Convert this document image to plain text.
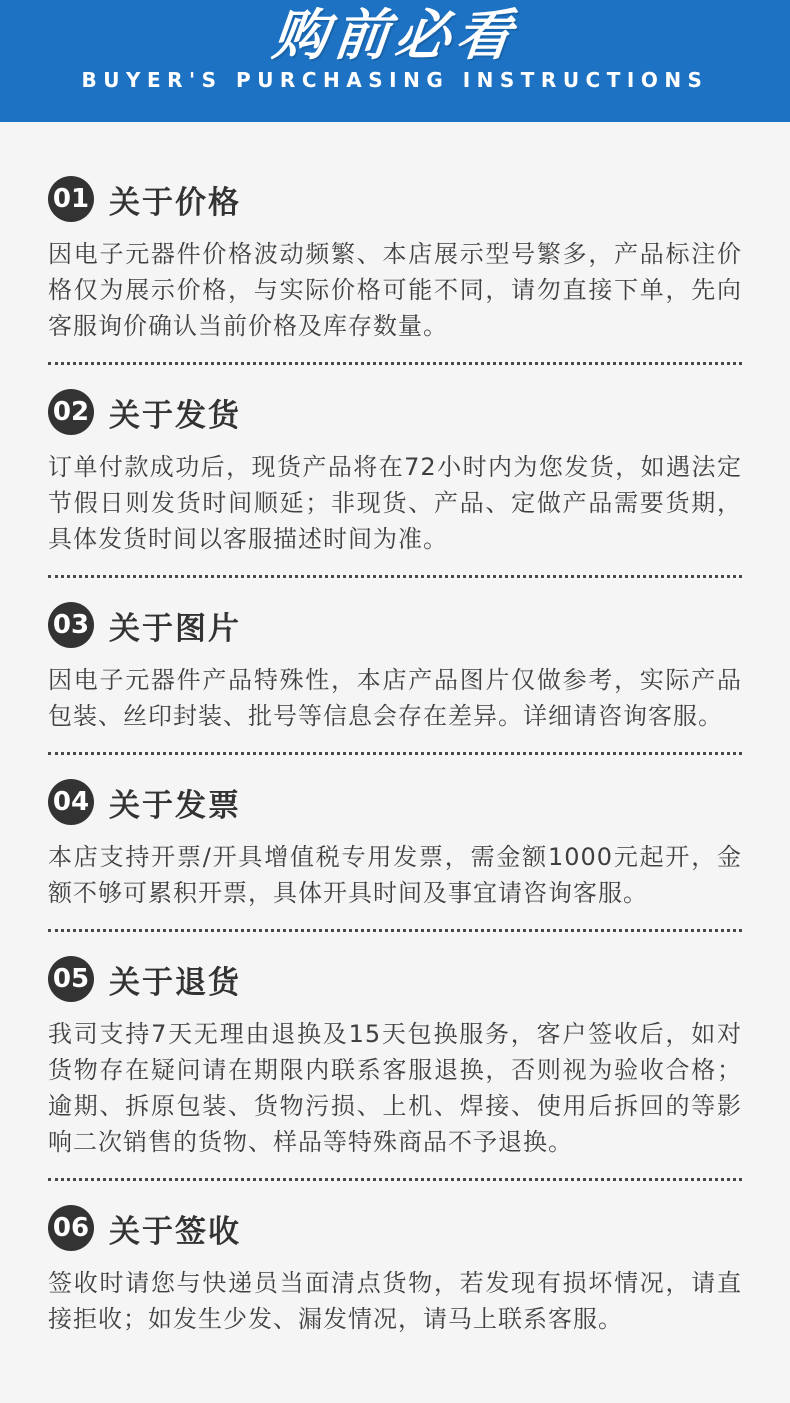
购前必看
BUYER'S PURCHASING INSTRUCTIONS
01 关于价格

因电子元器件价格波动频繁、本店展示型号繁多，产品标注价格仅为展示价格，与实际价格可能不同，请勿直接下单，先向客服询价确认当前价格及库存数量。

02 关于发货

订单付款成功后，现货产品将在72小时内为您发货，如遇法定节假日则发货时间顺延；非现货、产品、定做产品需要货期，具体发货时间以客服描述时间为准。

03 关于图片

因电子元器件产品特殊性，本店产品图片仅做参考，实际产品包装、丝印封装、批号等信息会存在差异。详细请咨询客服。

04 关于发票

本店支持开票/开具增值税专用发票，需金额1000元起开，金额不够可累积开票，具体开具时间及事宜请咨询客服。

05 关于退货

我司支持7天无理由退换及15天包换服务，客户签收后，如对货物存在疑问请在期限内联系客服退换，否则视为验收合格；逾期、拆原包装、货物污损、上机、焊接、使用后拆回的等影响二次销售的货物、样品等特殊商品不予退换。

06 关于签收

签收时请您与快递员当面清点货物，若发现有损坏情况，请直接拒收；如发生少发、漏发情况，请马上联系客服。
